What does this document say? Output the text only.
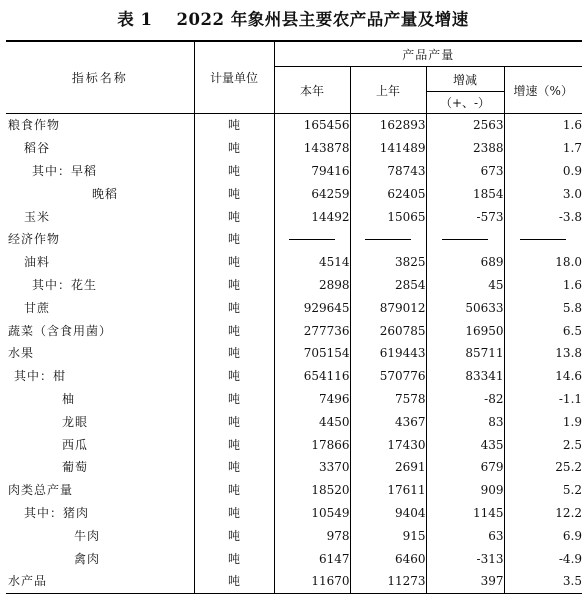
表 1 2022 年象州县主要农产品产量及增速
指标名称	计量单位	产品产量			
		本年	上年	增减	增速（%）
				（+、-）	
粮食作物	吨	165456	162893	2563	1.6
稻谷	吨	143878	141489	2388	1.7
其中：早稻	吨	79416	78743	673	0.9
晚稻	吨	64259	62405	1854	3.0
玉米	吨	14492	15065	-573	-3.8
经济作物	吨				
油料	吨	4514	3825	689	18.0
其中：花生	吨	2898	2854	45	1.6
甘蔗	吨	929645	879012	50633	5.8
蔬菜（含食用菌）	吨	277736	260785	16950	6.5
水果	吨	705154	619443	85711	13.8
其中：柑	吨	654116	570776	83341	14.6
柚	吨	7496	7578	-82	-1.1
龙眼	吨	4450	4367	83	1.9
西瓜	吨	17866	17430	435	2.5
葡萄	吨	3370	2691	679	25.2
肉类总产量	吨	18520	17611	909	5.2
其中：猪肉	吨	10549	9404	1145	12.2
牛肉	吨	978	915	63	6.9
禽肉	吨	6147	6460	-313	-4.9
水产品	吨	11670	11273	397	3.5
